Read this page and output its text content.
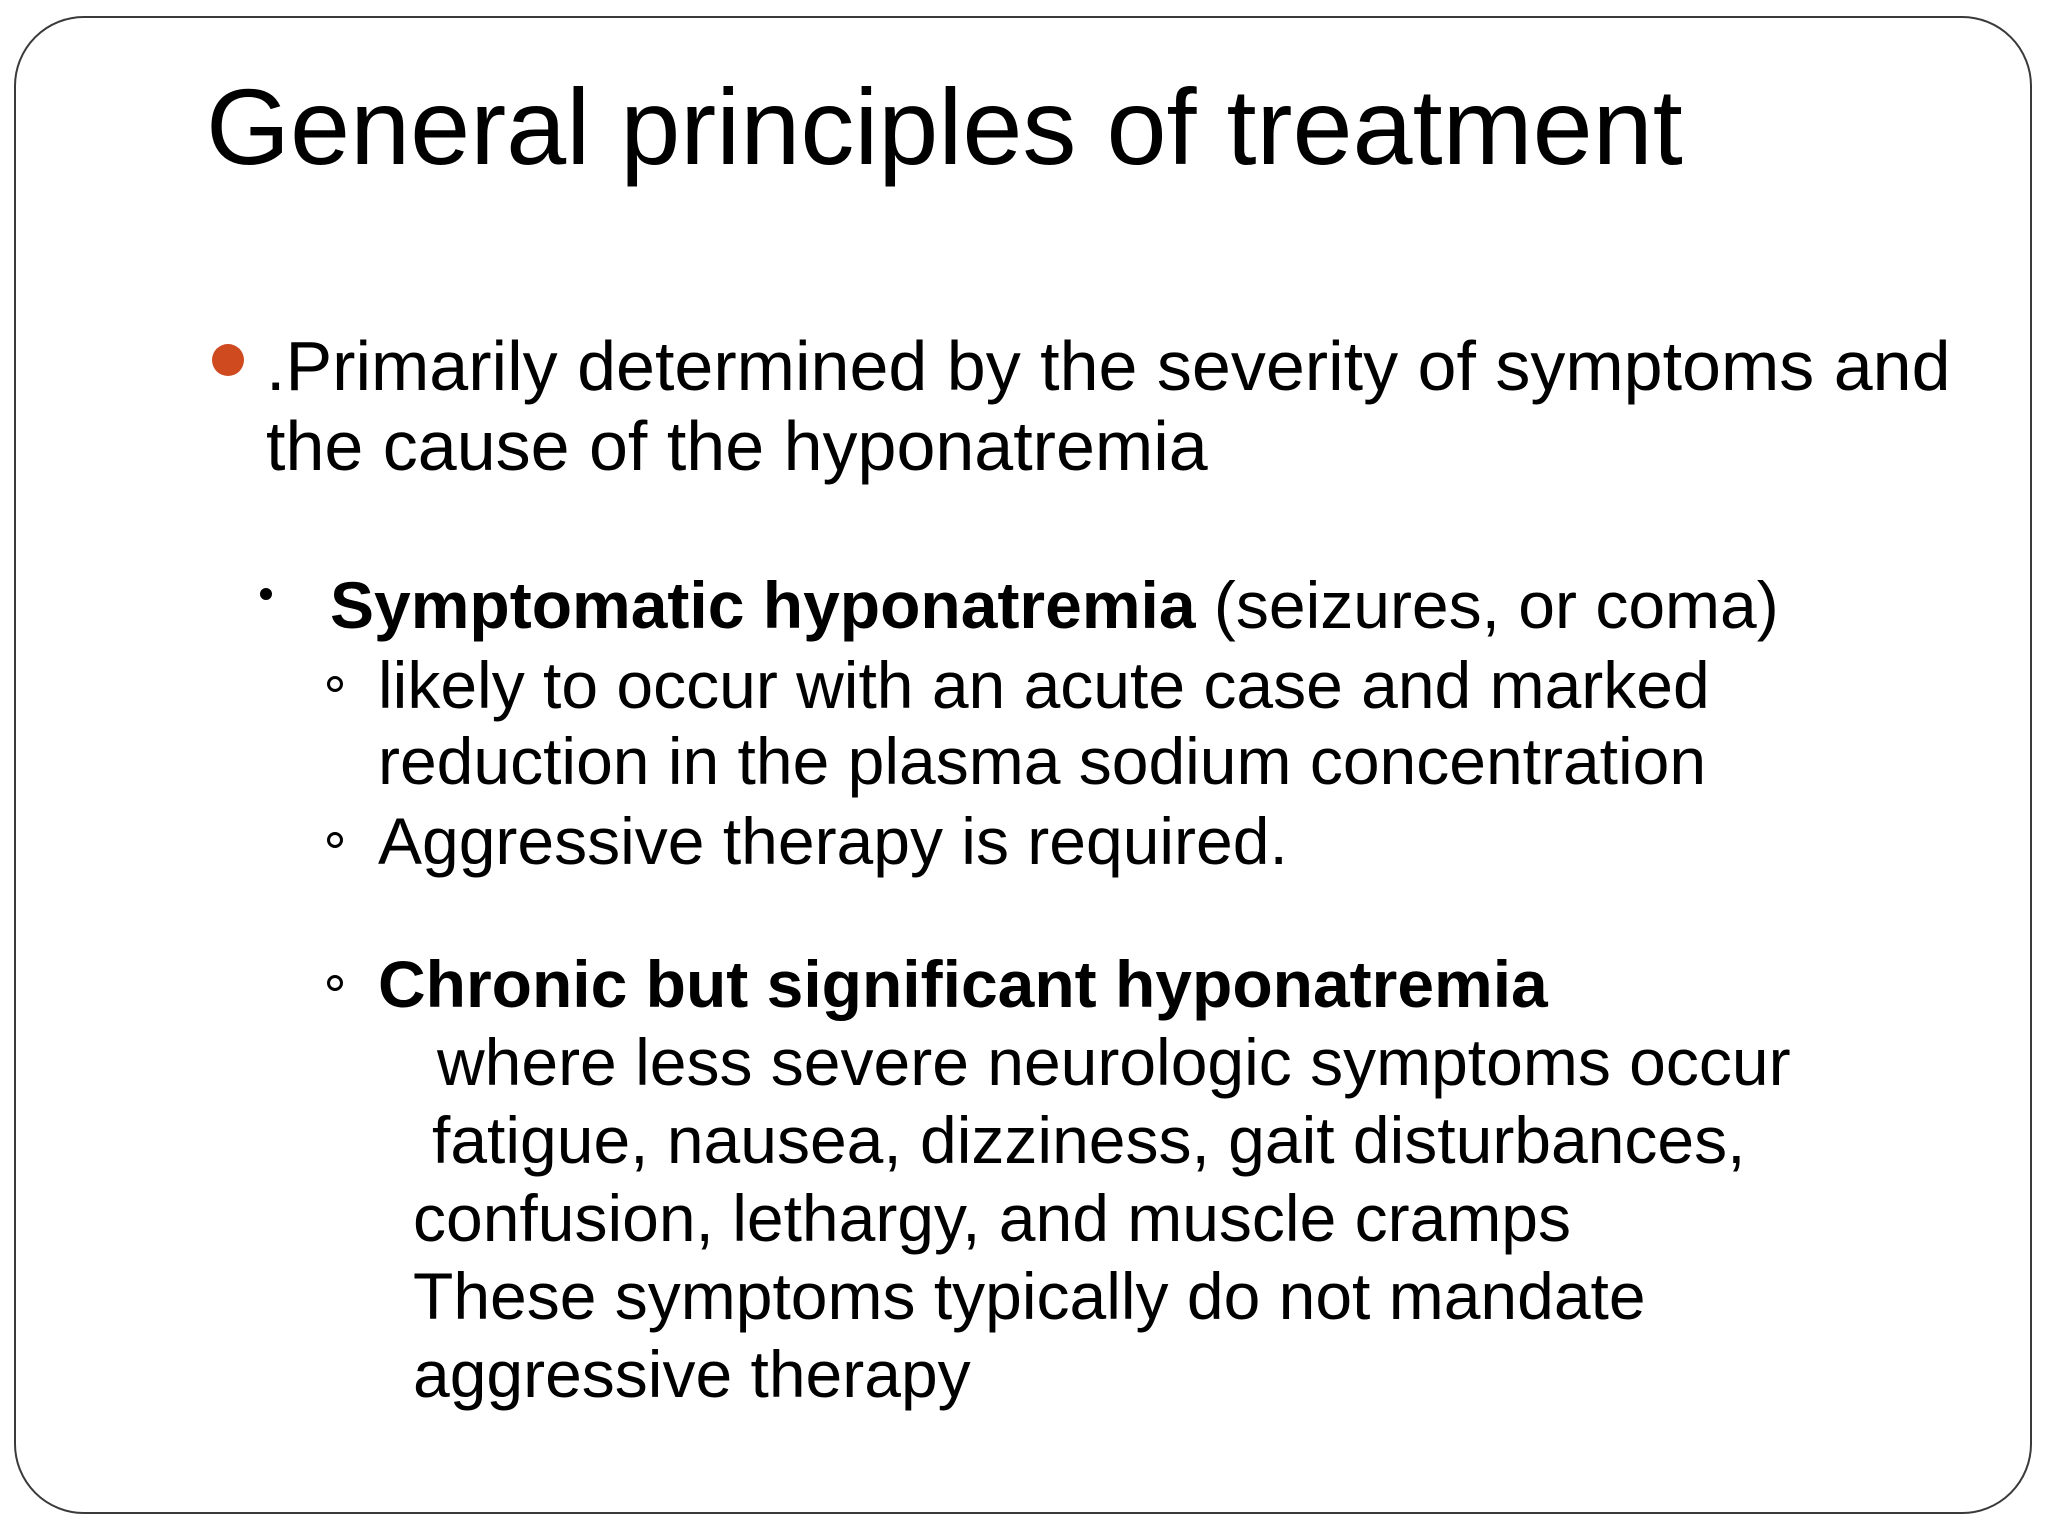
General principles of treatment
.Primarily determined by the severity of symptoms and
the cause of the hyponatremia
Symptomatic hyponatremia (seizures, or coma)
likely to occur with an acute case and marked
reduction in the plasma sodium concentration
Aggressive therapy is required.
Chronic but significant hyponatremia
where less severe neurologic symptoms occur
fatigue, nausea, dizziness, gait disturbances,
confusion, lethargy, and muscle cramps
These symptoms typically do not mandate
aggressive therapy
